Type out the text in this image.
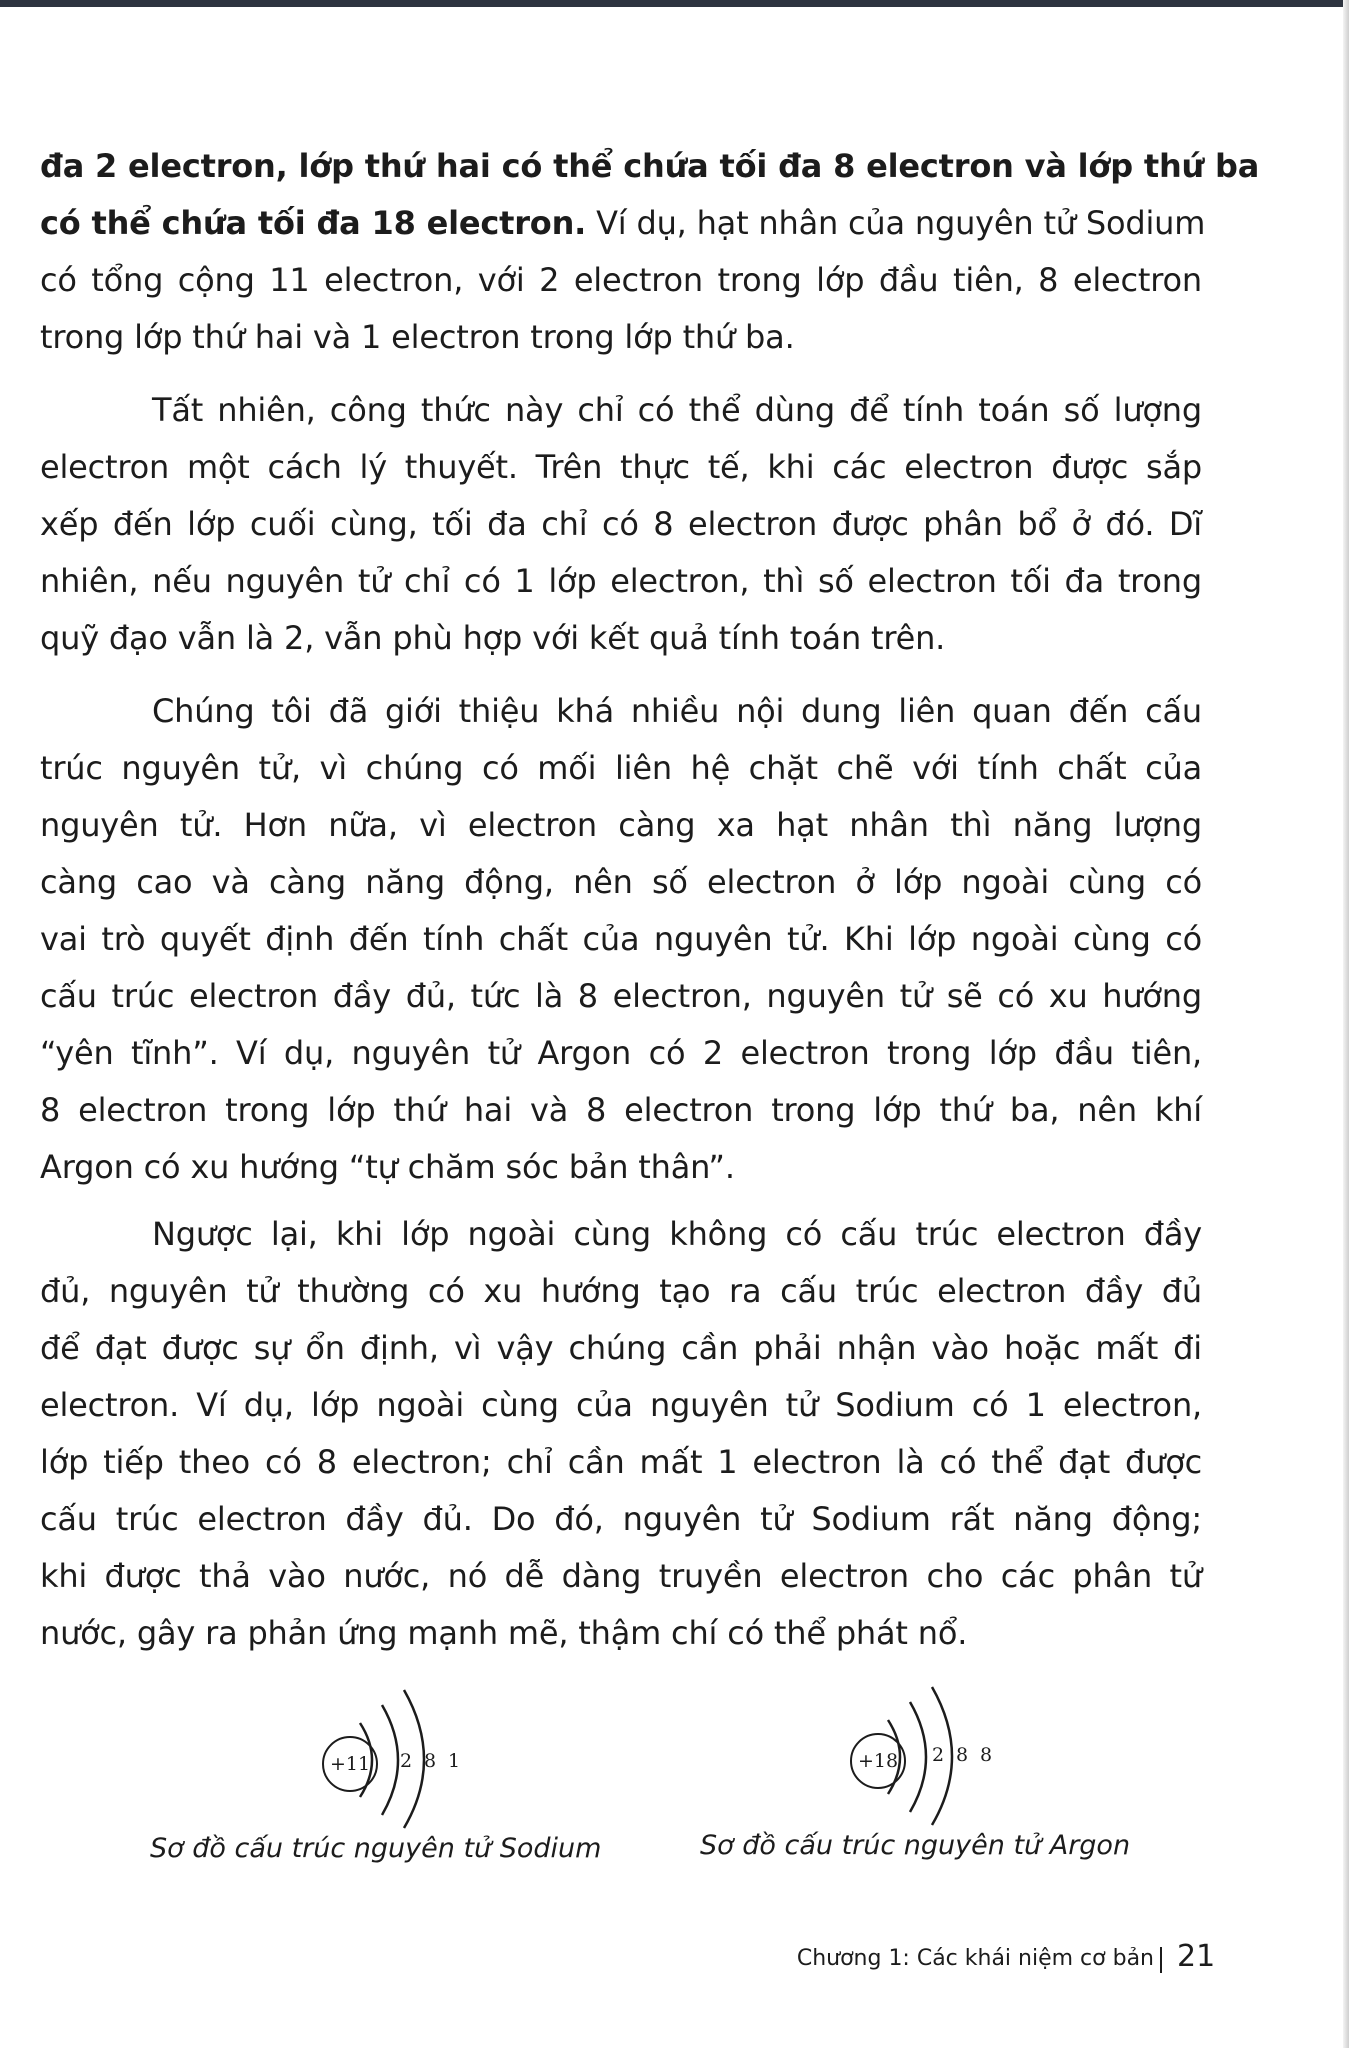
đa 2 electron, lớp thứ hai có thể chứa tối đa 8 electron và lớp thứ ba
có thể chứa tối đa 18 electron. Ví dụ, hạt nhân của nguyên tử Sodium
có tổng cộng 11 electron, với 2 electron trong lớp đầu tiên, 8 electron
trong lớp thứ hai và 1 electron trong lớp thứ ba.
Tất nhiên, công thức này chỉ có thể dùng để tính toán số lượng
electron một cách lý thuyết. Trên thực tế, khi các electron được sắp
xếp đến lớp cuối cùng, tối đa chỉ có 8 electron được phân bổ ở đó. Dĩ
nhiên, nếu nguyên tử chỉ có 1 lớp electron, thì số electron tối đa trong
quỹ đạo vẫn là 2, vẫn phù hợp với kết quả tính toán trên.
Chúng tôi đã giới thiệu khá nhiều nội dung liên quan đến cấu
trúc nguyên tử, vì chúng có mối liên hệ chặt chẽ với tính chất của
nguyên tử. Hơn nữa, vì electron càng xa hạt nhân thì năng lượng
càng cao và càng năng động, nên số electron ở lớp ngoài cùng có
vai trò quyết định đến tính chất của nguyên tử. Khi lớp ngoài cùng có
cấu trúc electron đầy đủ, tức là 8 electron, nguyên tử sẽ có xu hướng
“yên tĩnh”. Ví dụ, nguyên tử Argon có 2 electron trong lớp đầu tiên,
8 electron trong lớp thứ hai và 8 electron trong lớp thứ ba, nên khí
Argon có xu hướng “tự chăm sóc bản thân”.
Ngược lại, khi lớp ngoài cùng không có cấu trúc electron đầy
đủ, nguyên tử thường có xu hướng tạo ra cấu trúc electron đầy đủ
để đạt được sự ổn định, vì vậy chúng cần phải nhận vào hoặc mất đi
electron. Ví dụ, lớp ngoài cùng của nguyên tử Sodium có 1 electron,
lớp tiếp theo có 8 electron; chỉ cần mất 1 electron là có thể đạt được
cấu trúc electron đầy đủ. Do đó, nguyên tử Sodium rất năng động;
khi được thả vào nước, nó dễ dàng truyền electron cho các phân tử
nước, gây ra phản ứng mạnh mẽ, thậm chí có thể phát nổ.
+11	2 8 1
Sơ đồ cấu trúc nguyên tử Sodium
+18	2 8 8
Sơ đồ cấu trúc nguyên tử Argon
Chương 1: Các khái niệm cơ bản 21
